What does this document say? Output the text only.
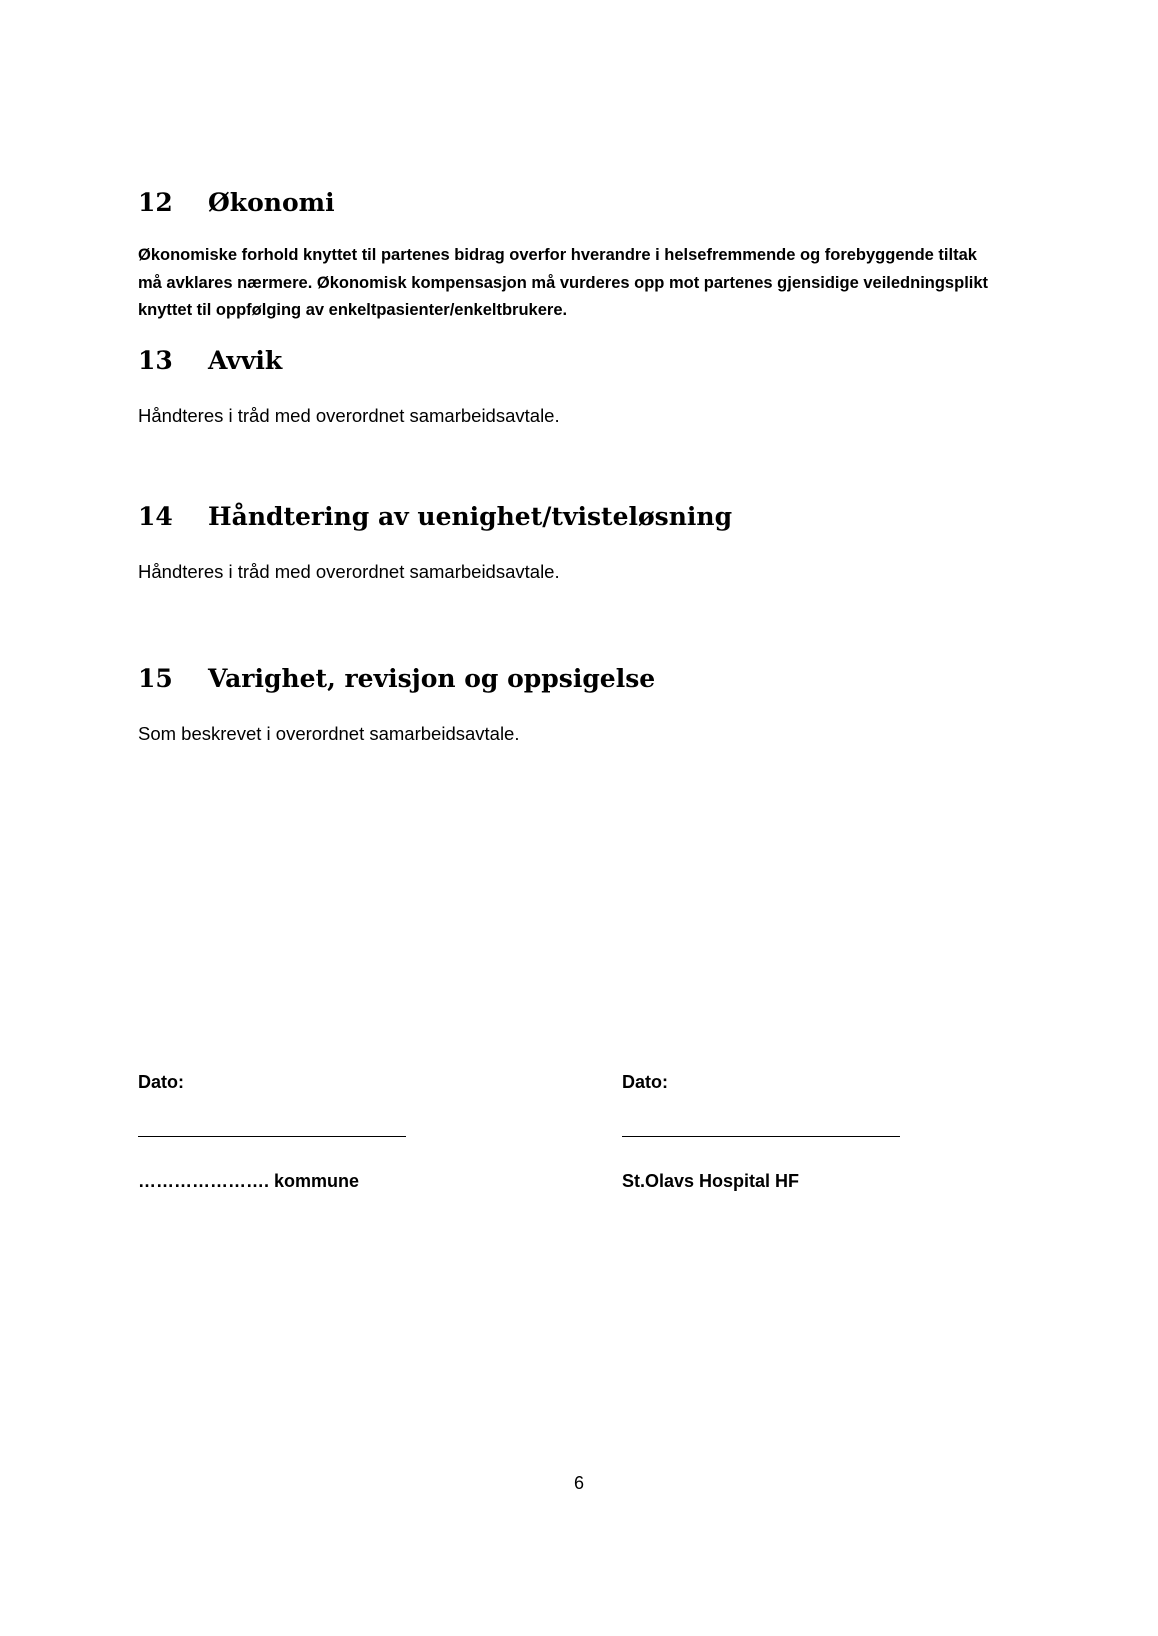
12 Økonomi
Økonomiske forhold knyttet til partenes bidrag overfor hverandre i helsefremmende og forebyggende tiltak
må avklares nærmere. Økonomisk kompensasjon må vurderes opp mot partenes gjensidige veiledningsplikt
knyttet til oppfølging av enkeltpasienter/enkeltbrukere.
13 Avvik
Håndteres i tråd med overordnet samarbeidsavtale.
14 Håndtering av uenighet/tvisteløsning
Håndteres i tråd med overordnet samarbeidsavtale.
15 Varighet, revisjon og oppsigelse
Som beskrevet i overordnet samarbeidsavtale.
Dato:
…………………. kommune
Dato:
St.Olavs Hospital HF
6
